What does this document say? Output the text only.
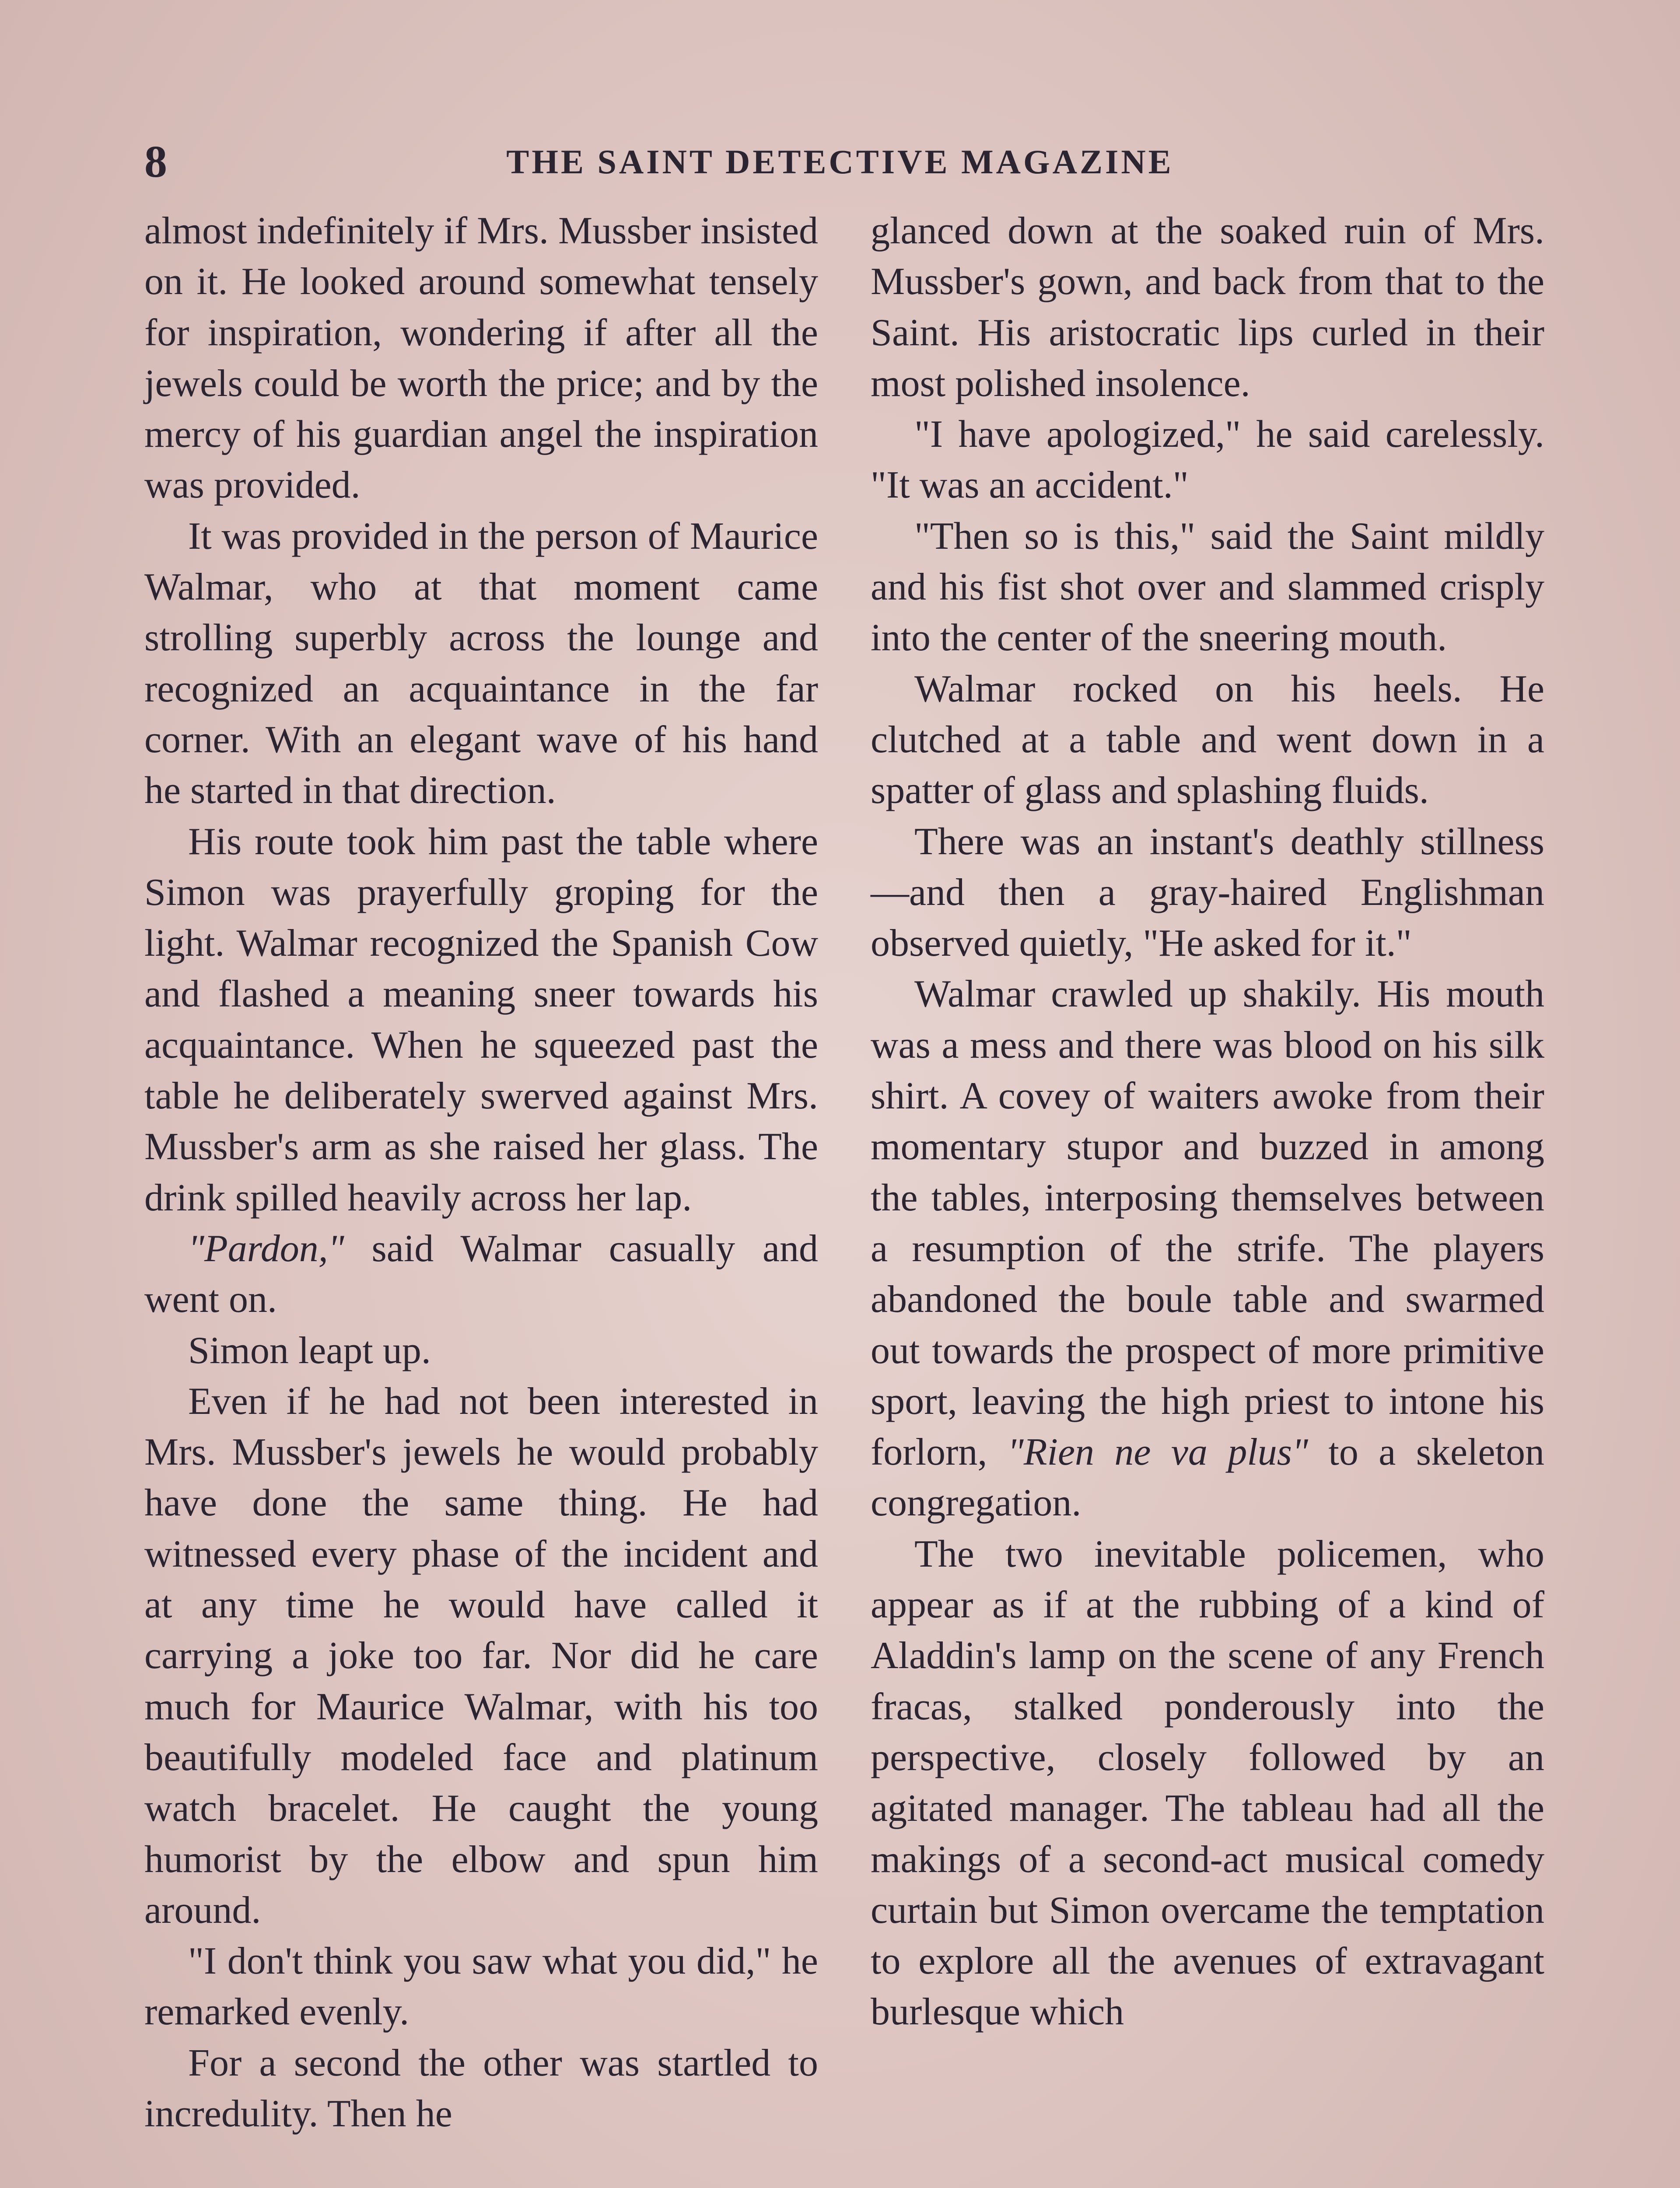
8	THE SAINT DETECTIVE MAGAZINE

almost indefinitely if Mrs. Mussber insisted on it. He looked around somewhat tensely for inspiration, wondering if after all the jewels could be worth the price; and by the mercy of his guardian angel the inspiration was provided.

It was provided in the person of Maurice Walmar, who at that moment came strolling superbly across the lounge and recognized an acquaintance in the far corner. With an elegant wave of his hand he started in that direction.

His route took him past the table where Simon was prayerfully groping for the light. Walmar recognized the Spanish Cow and flashed a meaning sneer towards his acquaintance. When he squeezed past the table he deliberately swerved against Mrs. Mussber's arm as she raised her glass. The drink spilled heavily across her lap.

"Pardon," said Walmar casually and went on.

Simon leapt up.

Even if he had not been interested in Mrs. Mussber's jewels he would probably have done the same thing. He had witnessed every phase of the incident and at any time he would have called it carrying a joke too far. Nor did he care much for Maurice Walmar, with his too beautifully modeled face and platinum watch bracelet. He caught the young humorist by the elbow and spun him around.

"I don't think you saw what you did," he remarked evenly.

For a second the other was startled to incredulity. Then he

glanced down at the soaked ruin of Mrs. Mussber's gown, and back from that to the Saint. His aristocratic lips curled in their most polished insolence.

"I have apologized," he said carelessly. "It was an accident."

"Then so is this," said the Saint mildly and his fist shot over and slammed crisply into the center of the sneering mouth.

Walmar rocked on his heels. He clutched at a table and went down in a spatter of glass and splashing fluids.

There was an instant's deathly stillness—and then a gray-haired Englishman observed quietly, "He asked for it."

Walmar crawled up shakily. His mouth was a mess and there was blood on his silk shirt. A covey of waiters awoke from their momentary stupor and buzzed in among the tables, interposing themselves between a resumption of the strife. The players abandoned the boule table and swarmed out towards the prospect of more primitive sport, leaving the high priest to intone his forlorn, "Rien ne va plus" to a skeleton congregation.

The two inevitable policemen, who appear as if at the rubbing of a kind of Aladdin's lamp on the scene of any French fracas, stalked ponderously into the perspective, closely followed by an agitated manager. The tableau had all the makings of a second-act musical comedy curtain but Simon overcame the temptation to explore all the avenues of extravagant burlesque which
